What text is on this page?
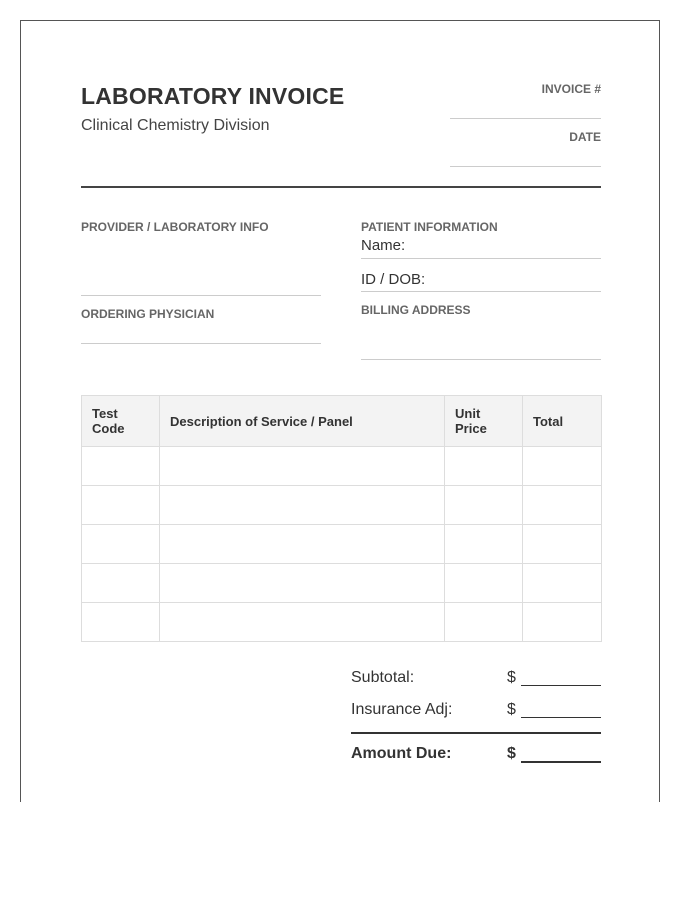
LABORATORY INVOICE
Clinical Chemistry Division
INVOICE #
DATE
PROVIDER / LABORATORY INFO
ORDERING PHYSICIAN
PATIENT INFORMATION
Name:
ID / DOB:
BILLING ADDRESS
Test Code	Description of Service / Panel	Unit Price	Total

Subtotal:	$
Insurance Adj:	$
Amount Due:	$
